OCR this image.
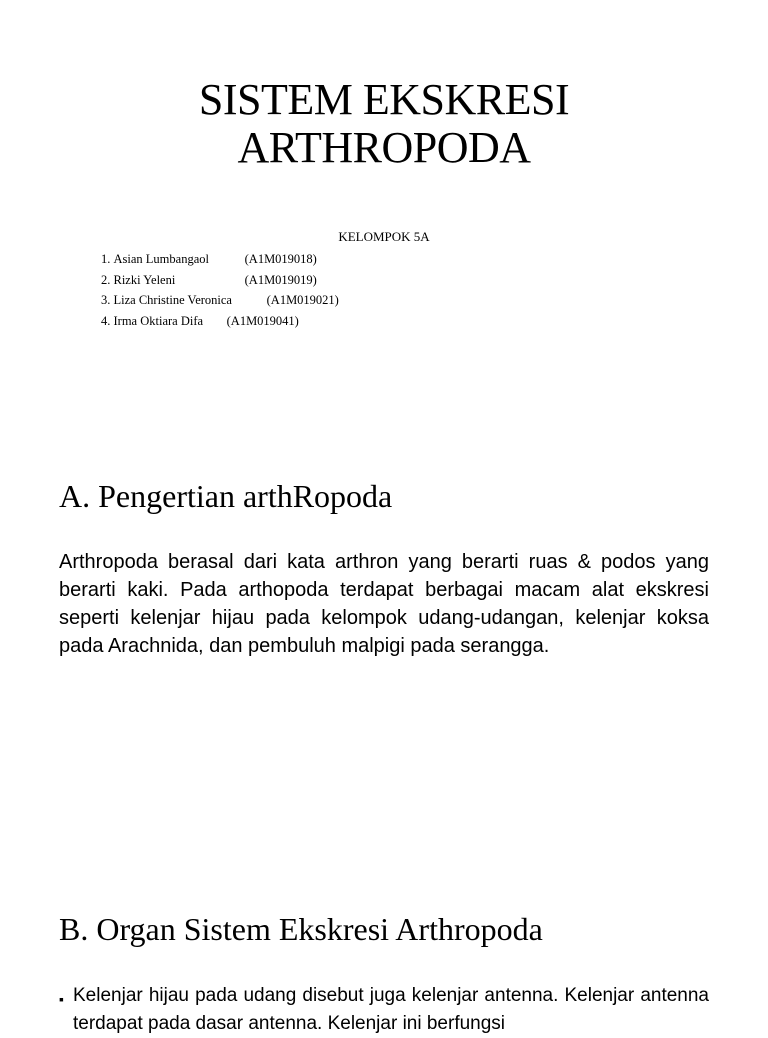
SISTEM EKSKRESI
ARTHROPODA
KELOMPOK 5A
1. Asian Lumbangaol	(A1M019018)
2. Rizki Yeleni	(A1M019019)
3. Liza Christine Veronica	(A1M019021)
4. Irma Oktiara Difa (A1M019041)
A. Pengertian arthRopoda

Arthropoda berasal dari kata arthron yang berarti ruas & podos yang berarti kaki. Pada arthopoda terdapat berbagai macam alat ekskresi seperti kelenjar hijau pada kelompok udang-udangan, kelenjar koksa pada Arachnida, dan pembuluh malpigi pada serangga.

B. Organ Sistem Ekskresi Arthropoda
▪ Kelenjar hijau pada udang disebut juga kelenjar antenna. Kelenjar antenna terdapat pada dasar antenna. Kelenjar ini berfungsi
